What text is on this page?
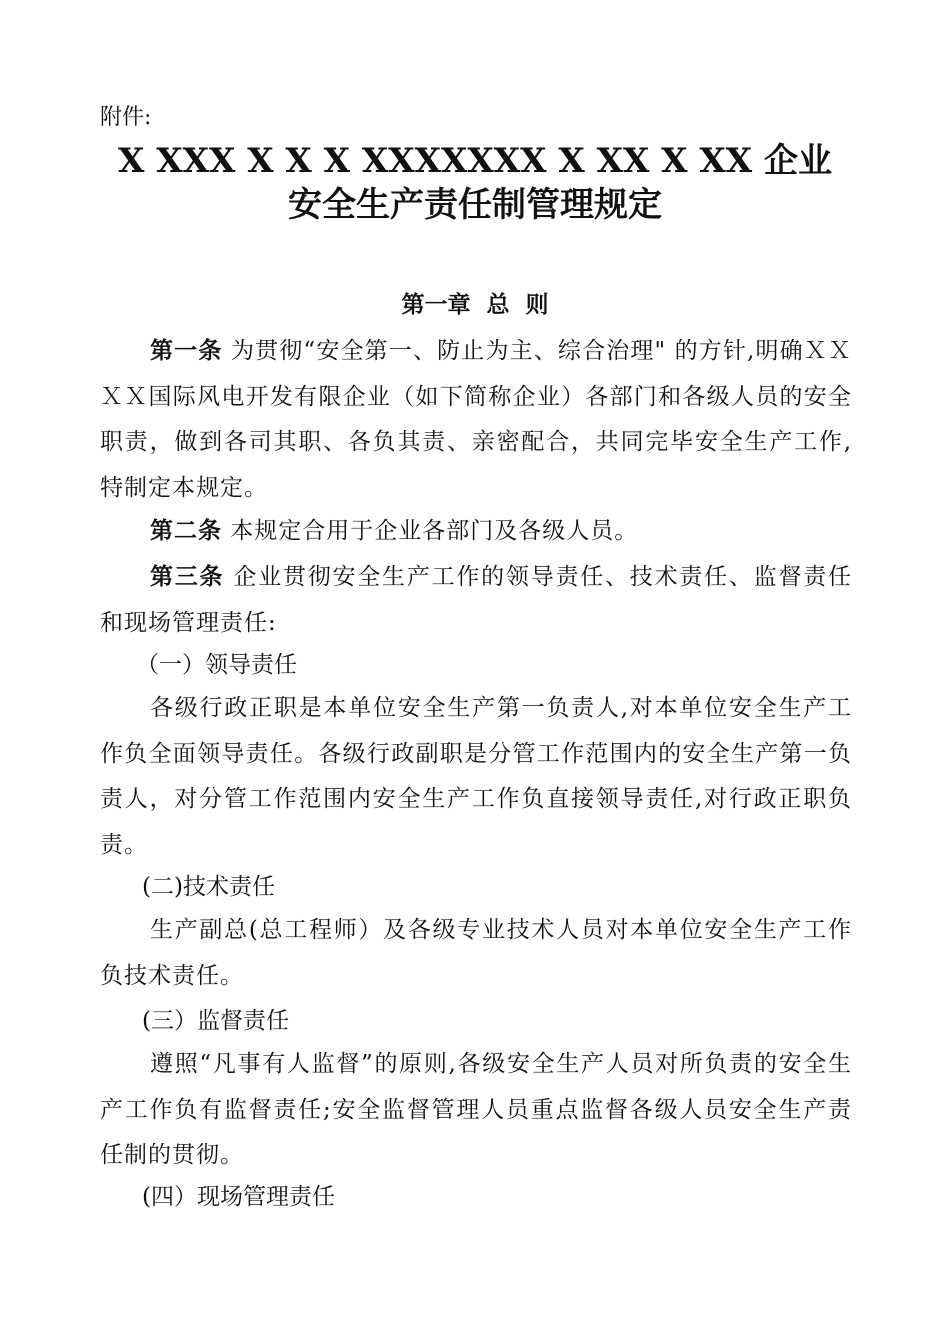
附件:
X XXX X X X XXXXXXX X XX X XX 企业
安全生产责任制管理规定
第一章  总  则
第一条 为贯彻“安全第一、防止为主、综合治理" 的方针,明确ＸＸＸＸ国际风电开发有限企业（如下简称企业）各部门和各级人员的安全职责，做到各司其职、各负其责、亲密配合，共同完毕安全生产工作,特制定本规定。
第二条 本规定合用于企业各部门及各级人员。
第三条 企业贯彻安全生产工作的领导责任、技术责任、监督责任和现场管理责任:
（一）领导责任
各级行政正职是本单位安全生产第一负责人,对本单位安全生产工作负全面领导责任。各级行政副职是分管工作范围内的安全生产第一负责人，对分管工作范围内安全生产工作负直接领导责任,对行政正职负责。
(二)技术责任
生产副总(总工程师）及各级专业技术人员对本单位安全生产工作负技术责任。
(三）监督责任
遵照“凡事有人监督”的原则,各级安全生产人员对所负责的安全生产工作负有监督责任;安全监督管理人员重点监督各级人员安全生产责任制的贯彻。
(四）现场管理责任
